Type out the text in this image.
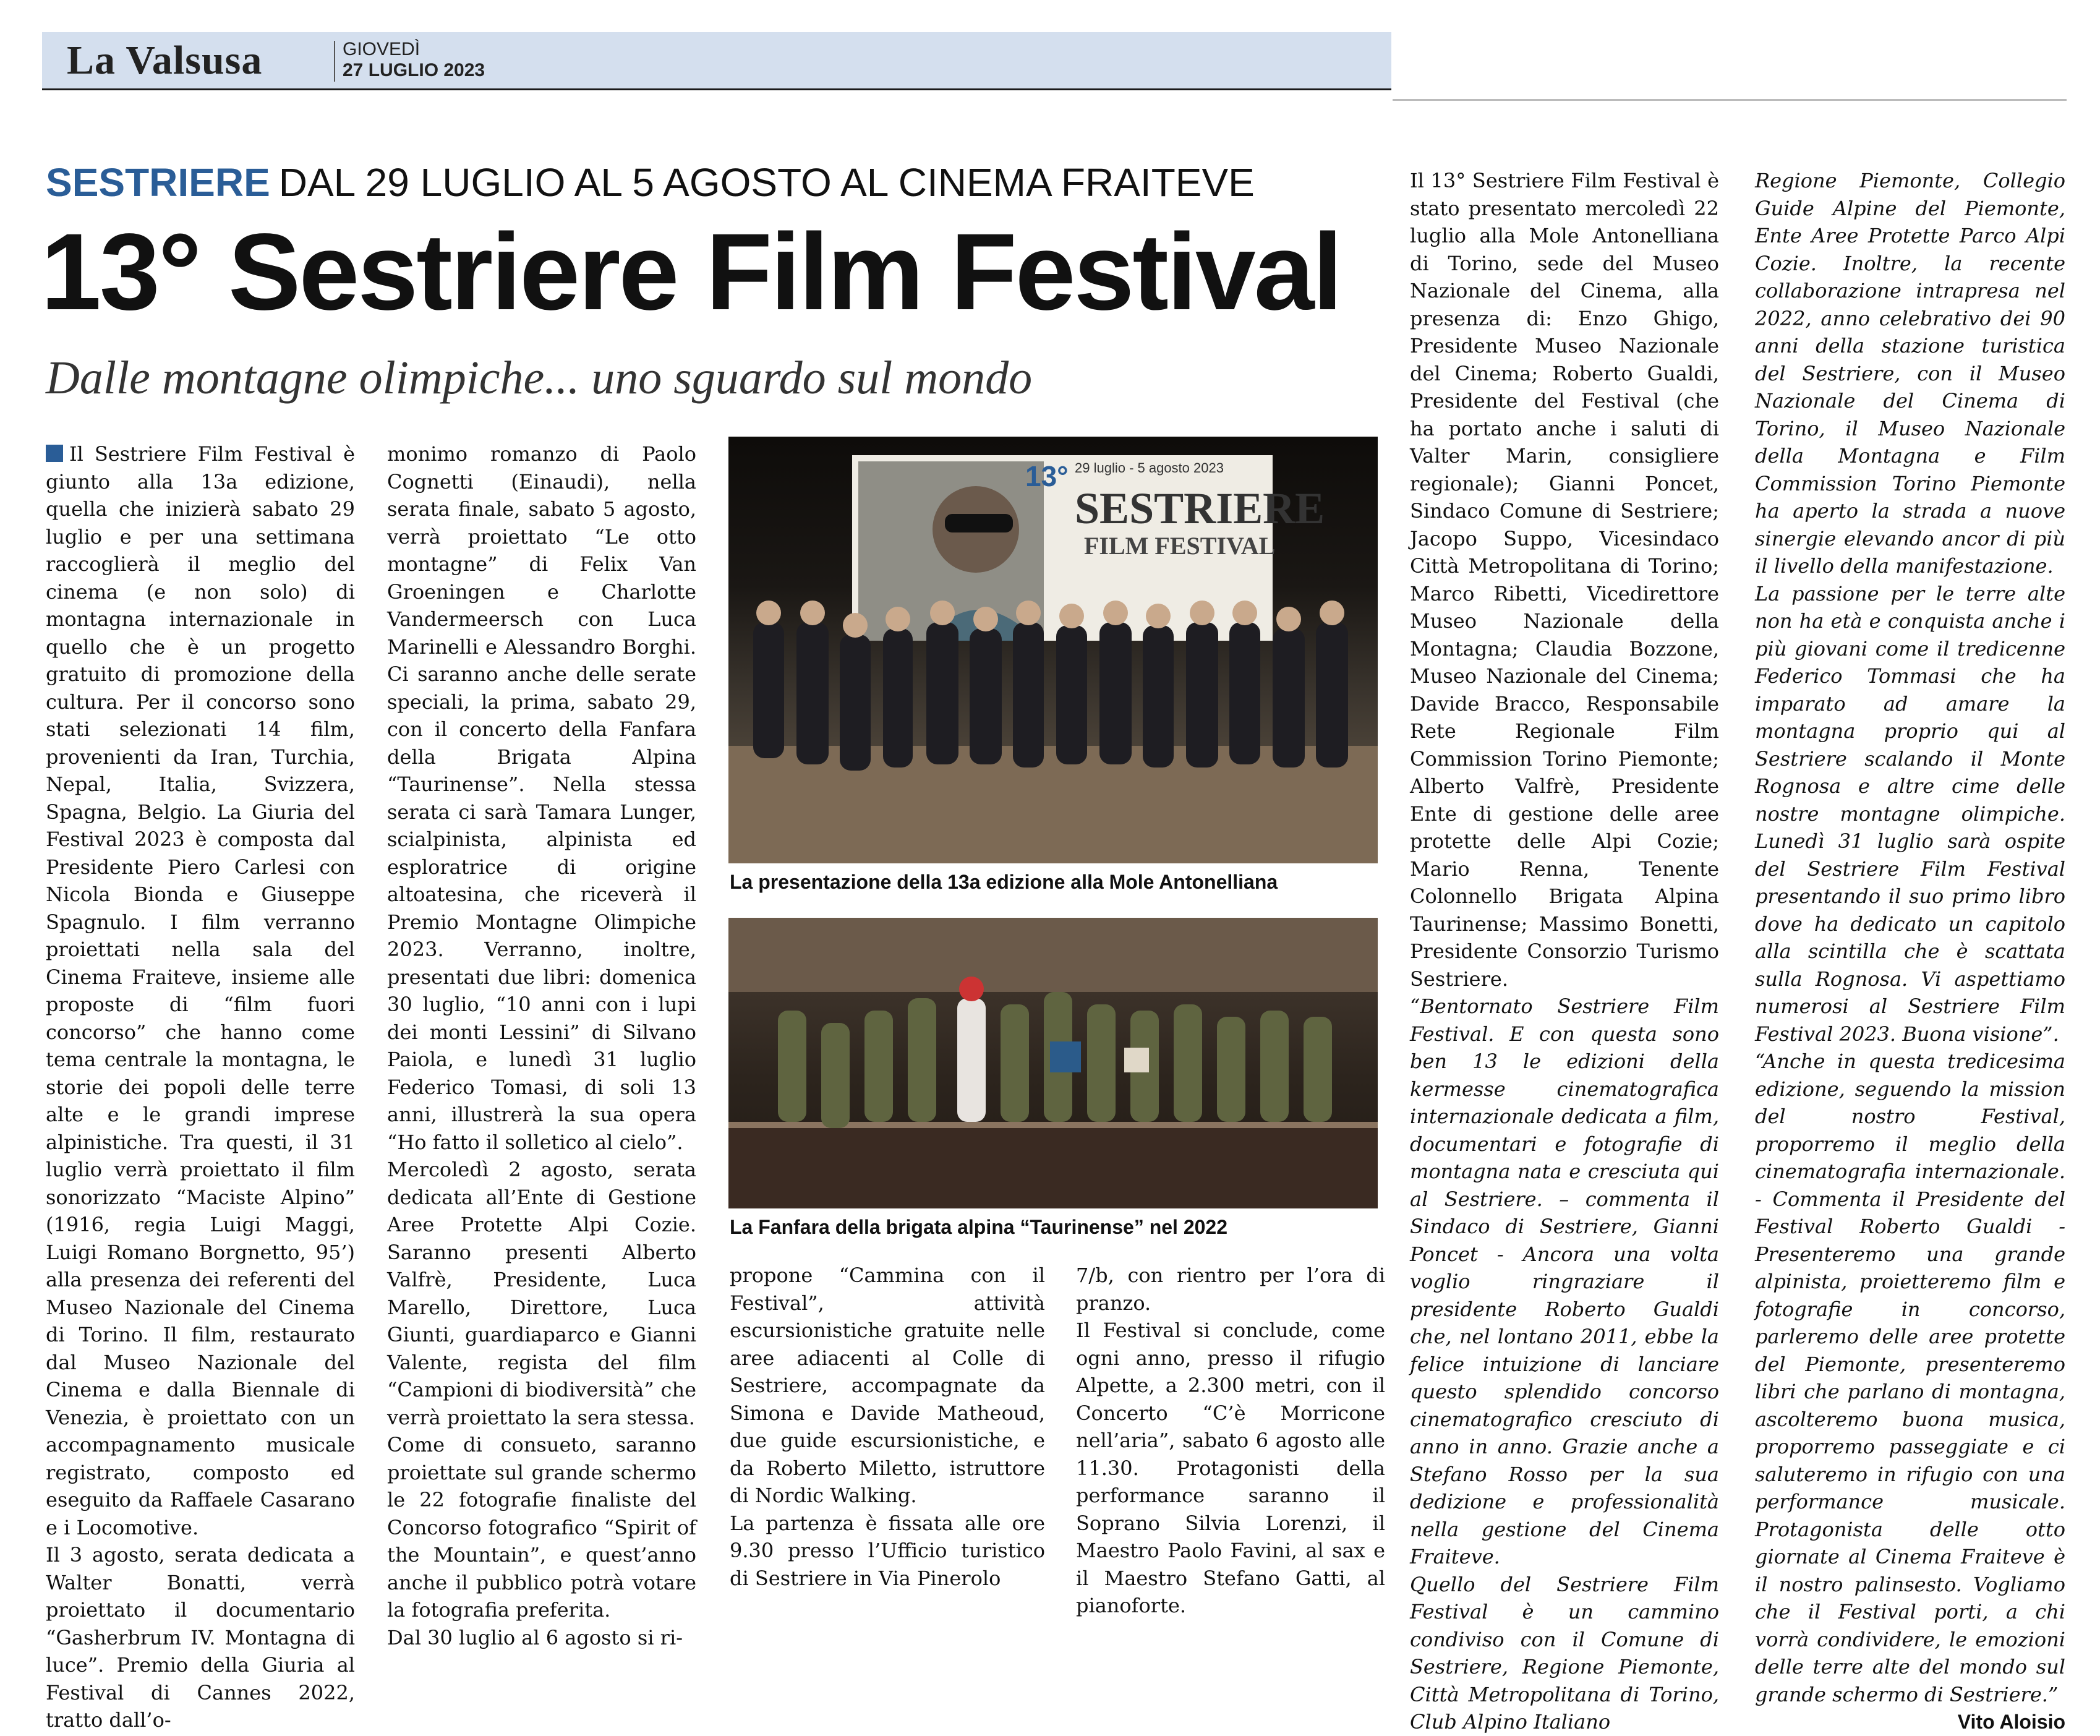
La Valsusa	GIOVEDÌ
27 LUGLIO 2023
SESTRIERE DAL 29 LUGLIO AL 5 AGOSTO AL CINEMA FRAITEVE
13° Sestriere Film Festival
Dalle montagne olimpiche... uno sguardo sul mondo

Il Sestriere Film Festival è giunto alla 13a edizione, quella che inizierà sabato 29 luglio e per una settimana raccoglierà il meglio del cinema (e non solo) di montagna internazionale in quello che è un progetto gratuito di promozione della cultura. Per il concorso sono stati selezionati 14 film, provenienti da Iran, Turchia, Nepal, Italia, Svizzera, Spagna, Belgio. La Giuria del Festival 2023 è composta dal Presidente Piero Carlesi con Nicola Bionda e Giuseppe Spagnulo. I film verranno proiettati nella sala del Cinema Fraiteve, insieme alle proposte di “film fuori concorso” che hanno come tema centrale la montagna, le storie dei popoli delle terre alte e le grandi imprese alpinistiche. Tra questi, il 31 luglio verrà proiettato il film sonorizzato “Maciste Alpino” (1916, regia Luigi Maggi, Luigi Romano Borgnetto, 95’) alla presenza dei referenti del Museo Nazionale del Cinema di Torino. Il film, restaurato dal Museo Nazionale del Cinema e dalla Biennale di Venezia, è proiettato con un accompagnamento musicale registrato, composto ed eseguito da Raffaele Casarano e i Locomotive.

Il 3 agosto, serata dedicata a Walter Bonatti, verrà proiettato il documentario “Gasherbrum IV. Montagna di luce”. Premio della Giuria al Festival di Cannes 2022, tratto dall’o-

monimo romanzo di Paolo Cognetti (Einaudi), nella serata finale, sabato 5 agosto, verrà proiettato “Le otto montagne” di Felix Van Groeningen e Charlotte Vandermeersch con Luca Marinelli e Alessandro Borghi. Ci saranno anche delle serate speciali, la prima, sabato 29, con il concerto della Fanfara della Brigata Alpina “Taurinense”. Nella stessa serata ci sarà Tamara Lunger, scialpinista, alpinista ed esploratrice di origine altoatesina, che riceverà il Premio Montagne Olimpiche 2023. Verranno, inoltre, presentati due libri: domenica 30 luglio, “10 anni con i lupi dei monti Lessini” di Silvano Paiola, e lunedì 31 luglio Federico Tomasi, di soli 13 anni, illustrerà la sua opera “Ho fatto il solletico al cielo”.

Mercoledì 2 agosto, serata dedicata all’Ente di Gestione Aree Protette Alpi Cozie. Saranno presenti Alberto Valfrè, Presidente, Luca Marello, Direttore, Luca Giunti, guardiaparco e Gianni Valente, regista del film “Campioni di biodiversità” che verrà proiettato la sera stessa.

Come di consueto, saranno proiettate sul grande schermo le 22 fotografie finaliste del Concorso fotografico “Spirit of the Mountain”, e quest’anno anche il pubblico potrà votare la fotografia preferita.

Dal 30 luglio al 6 agosto si ri-

29 luglio - 5 agosto 2023
13°
SESTRIERE
FILM FESTIVAL
La presentazione della 13a edizione alla Mole Antonelliana
La Fanfara della brigata alpina “Taurinense” nel 2022

propone “Cammina con il Festival”, attività escursionistiche gratuite nelle aree adiacenti al Colle di Sestriere, accompagnate da Simona e Davide Matheoud, due guide escursionistiche, e da Roberto Miletto, istruttore di Nordic Walking.

La partenza è fissata alle ore 9.30 presso l’Ufficio turistico di Sestriere in Via Pinerolo

7/b, con rientro per l’ora di pranzo.

Il Festival si conclude, come ogni anno, presso il rifugio Alpette, a 2.300 metri, con il Concerto “C’è Morricone nell’aria”, sabato 6 agosto alle 11.30. Protagonisti della performance saranno il Soprano Silvia Lorenzi, il Maestro Paolo Favini, al sax e il Maestro Stefano Gatti, al pianoforte.

Il 13° Sestriere Film Festival è stato presentato mercoledì 22 luglio alla Mole Antonelliana di Torino, sede del Museo Nazionale del Cinema, alla presenza di: Enzo Ghigo, Presidente Museo Nazionale del Cinema; Roberto Gualdi, Presidente del Festival (che ha portato anche i saluti di Valter Marin, consigliere regionale); Gianni Poncet, Sindaco Comune di Sestriere; Jacopo Suppo, Vicesindaco Città Metropolitana di Torino; Marco Ribetti, Vicedirettore Museo Nazionale della Montagna; Claudia Bozzone, Museo Nazionale del Cinema; Davide Bracco, Responsabile Rete Regionale Film Commission Torino Piemonte; Alberto Valfrè, Presidente Ente di gestione delle aree protette delle Alpi Cozie; Mario Renna, Tenente Colonnello Brigata Alpina Taurinense; Massimo Bonetti, Presidente Consorzio Turismo Sestriere.

“Bentornato Sestriere Film Festival. E con questa sono ben 13 le edizioni della kermesse cinematografica internazionale dedicata a film, documentari e fotografie di montagna nata e cresciuta qui al Sestriere. – commenta il Sindaco di Sestriere, Gianni Poncet - Ancora una volta voglio ringraziare il presidente Roberto Gualdi che, nel lontano 2011, ebbe la felice intuizione di lanciare questo splendido concorso cinematografico cresciuto di anno in anno. Grazie anche a Stefano Rosso per la sua dedizione e professionalità nella gestione del Cinema Fraiteve.

Quello del Sestriere Film Festival è un cammino condiviso con il Comune di Sestriere, Regione Piemonte, Città Metropolitana di Torino, Club Alpino Italiano

Regione Piemonte, Collegio Guide Alpine del Piemonte, Ente Aree Protette Parco Alpi Cozie. Inoltre, la recente collaborazione intrapresa nel 2022, anno celebrativo dei 90 anni della stazione turistica del Sestriere, con il Museo Nazionale del Cinema di Torino, il Museo Nazionale della Montagna e Film Commission Torino Piemonte ha aperto la strada a nuove sinergie elevando ancor di più il livello della manifestazione.

La passione per le terre alte non ha età e conquista anche i più giovani come il tredicenne Federico Tommasi che ha imparato ad amare la montagna proprio qui al Sestriere scalando il Monte Rognosa e altre cime delle nostre montagne olimpiche. Lunedì 31 luglio sarà ospite del Sestriere Film Festival presentando il suo primo libro dove ha dedicato un capitolo alla scintilla che è scattata sulla Rognosa. Vi aspettiamo numerosi al Sestriere Film Festival 2023. Buona visione”.

“Anche in questa tredicesima edizione, seguendo la mission del nostro Festival, proporremo il meglio della cinematografia internazionale. - Commenta il Presidente del Festival Roberto Gualdi - Presenteremo una grande alpinista, proietteremo film e fotografie in concorso, parleremo delle aree protette del Piemonte, presenteremo libri che parlano di montagna, ascolteremo buona musica, proporremo passeggiate e ci saluteremo in rifugio con una performance musicale. Protagonista delle otto giornate al Cinema Fraiteve è il nostro palinsesto. Vogliamo che il Festival porti, a chi vorrà condividere, le emozioni delle terre alte del mondo sul grande schermo di Sestriere.”

Vito Aloisio
